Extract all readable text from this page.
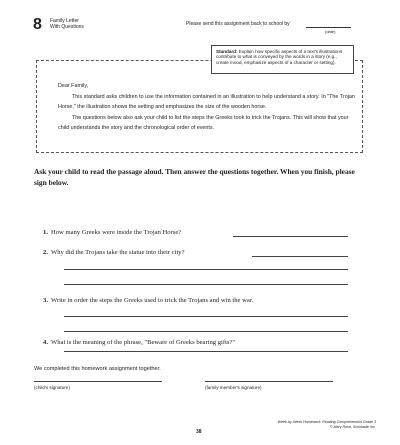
8 Family Letter
With Questions	Please send this assignment back to school by
(date)
Standard: Explain how specific aspects of a text's illustrations contribute to what is conveyed by the words in a story (e.g., create mood, emphasize aspects of a character or setting).
Dear Family,

This standard asks children to use the information contained in an illustration to help understand a story. In "The Trojan Horse," the illustration shows the setting and emphasizes the size of the wooden horse.

The questions below also ask your child to list the steps the Greeks took to trick the Trojans. This will show that your child understands the story and the chronological order of events.

Ask your child to read the passage aloud. Then answer the questions together. When you finish, please sign below.
1. How many Greeks were inside the Trojan Horse?
2. Why did the Trojans take the statue into their city?
3. Write in order the steps the Greeks used to trick the Trojans and win the war.
4. What is the meaning of the phrase, "Beware of Greeks bearing gifts?"
We completed this homework assignment together.
(child's signature)	(family member's signature)
38
Week-by-Week Homework: Reading Comprehension Grade 3
© Mary Rose, Scholastic Inc.
